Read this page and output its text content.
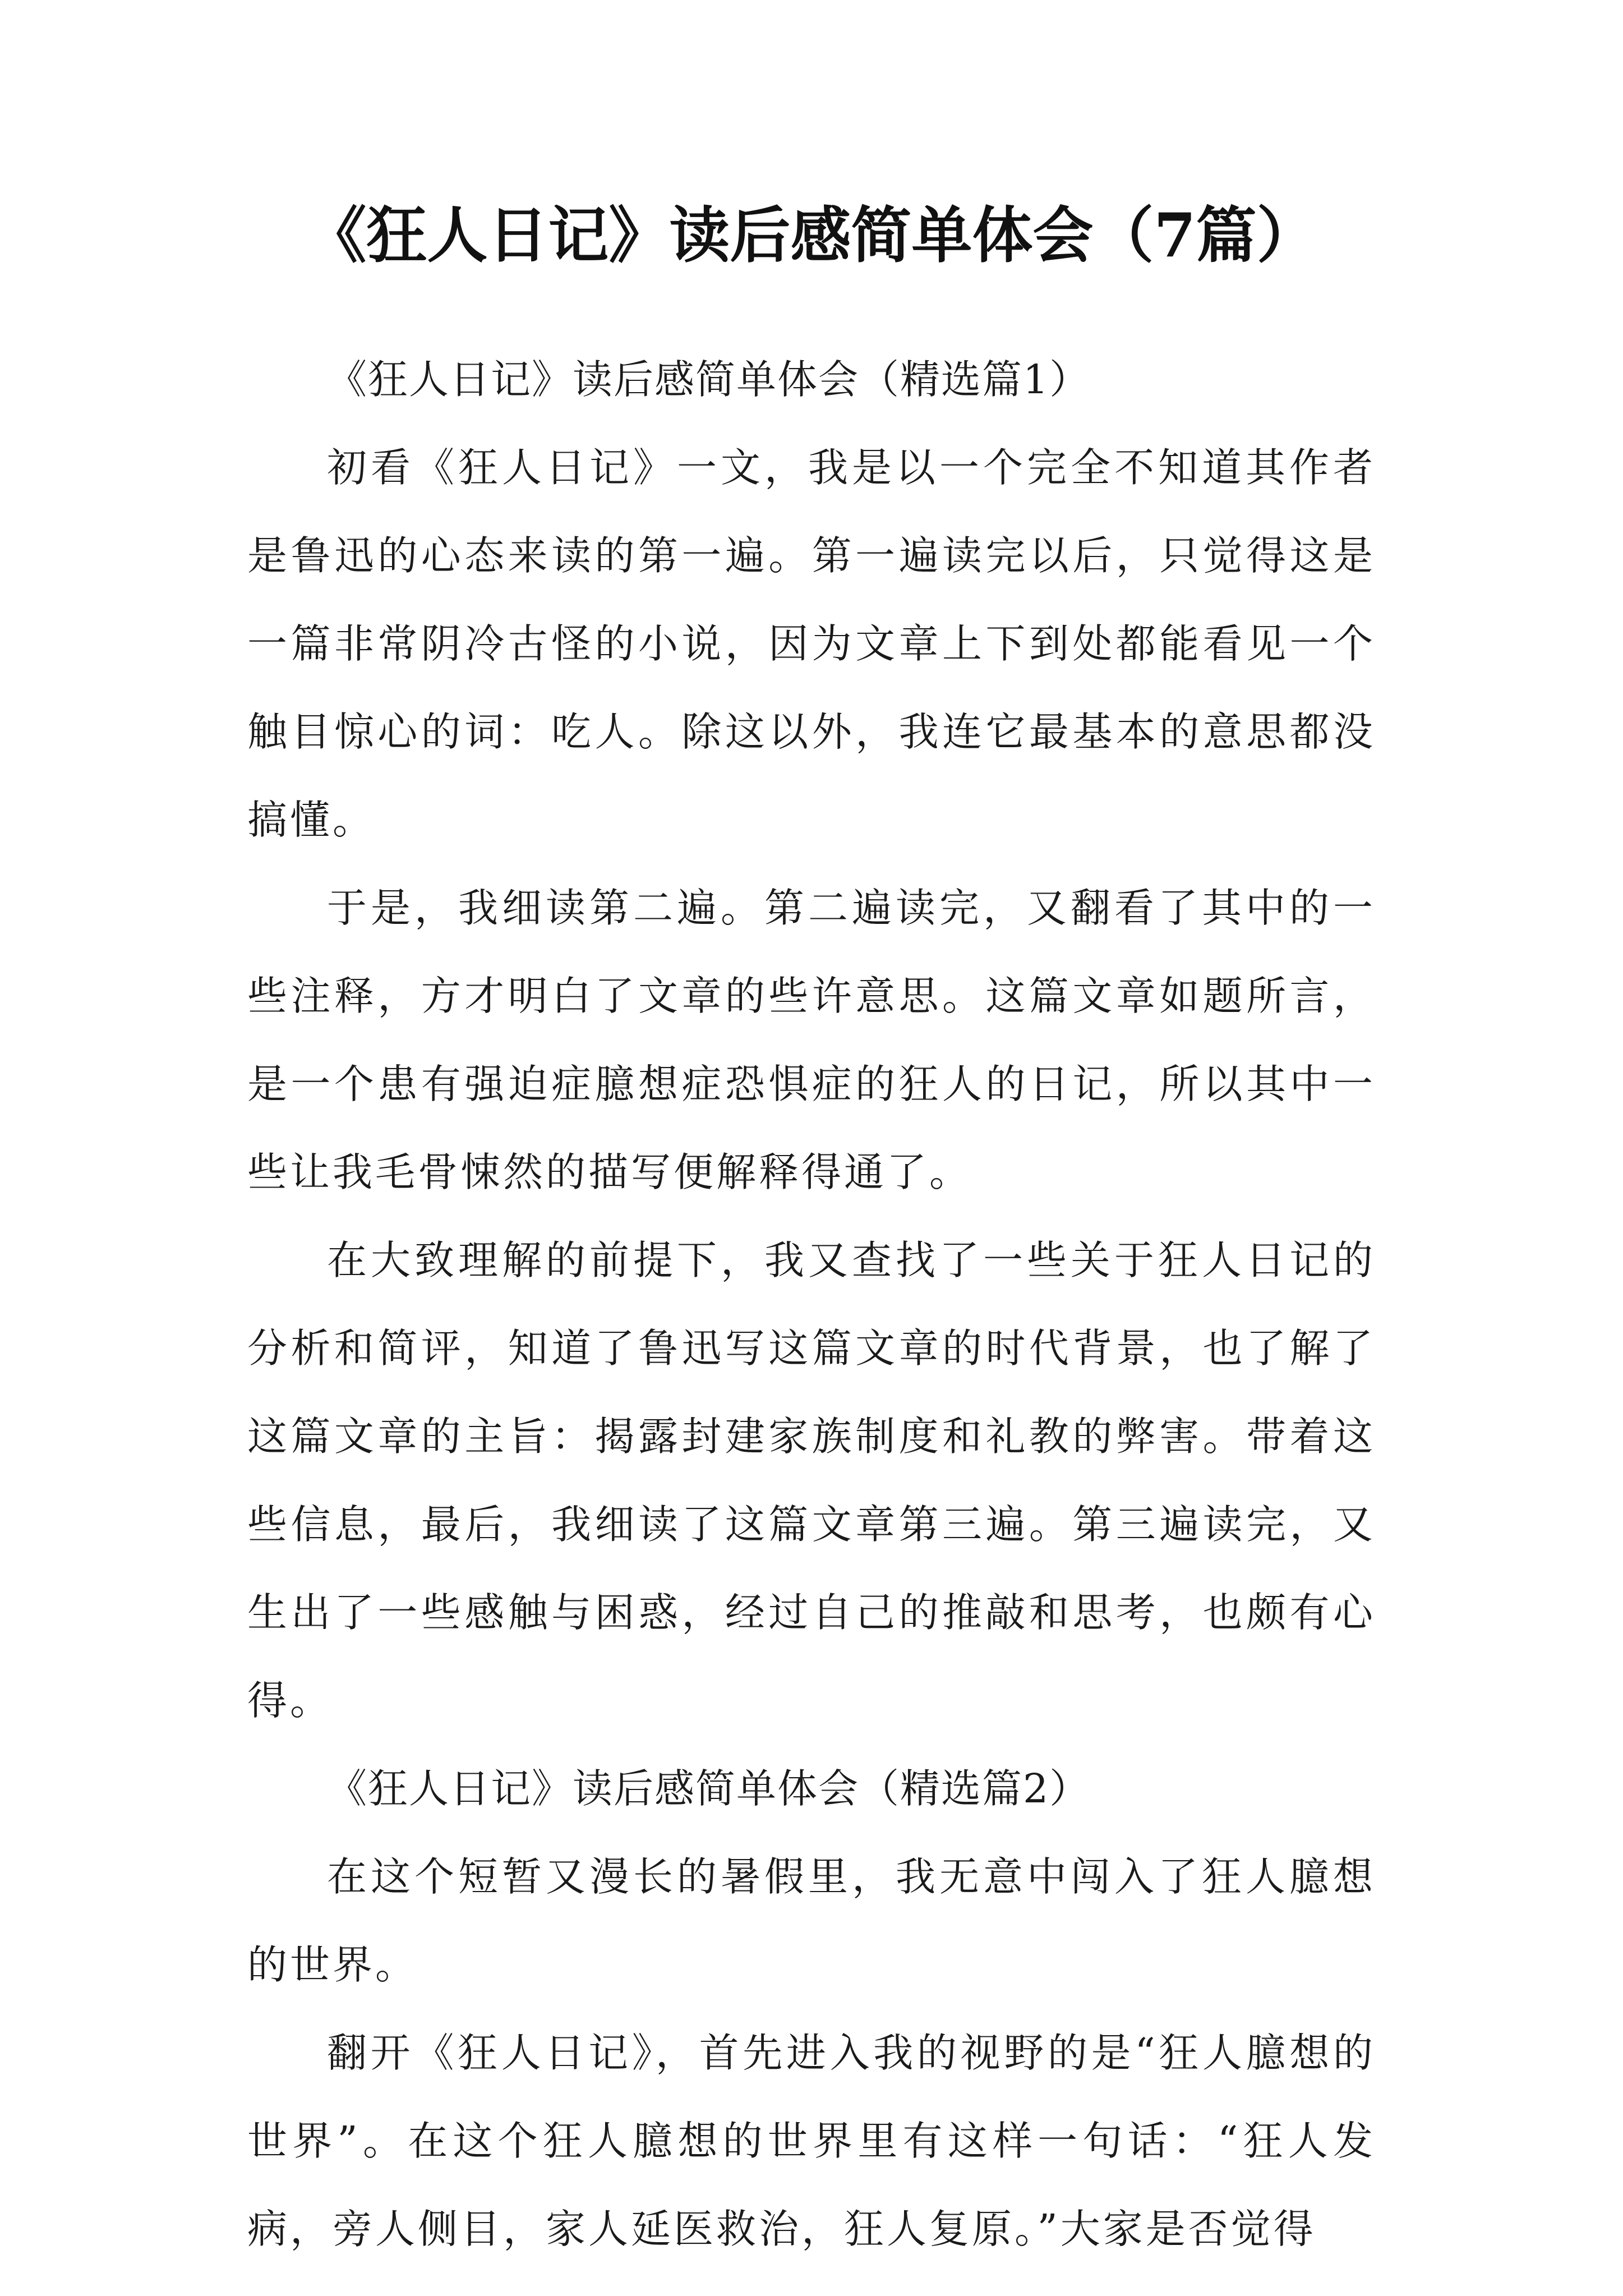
《狂人日记》读后感简单体会（7篇）

《狂人日记》读后感简单体会（精选篇1）

初看《狂人日记》一文，我是以一个完全不知道其作者是鲁迅的心态来读的第一遍。第一遍读完以后，只觉得这是一篇非常阴冷古怪的小说，因为文章上下到处都能看见一个触目惊心的词：吃人。除这以外，我连它最基本的意思都没搞懂。

于是，我细读第二遍。第二遍读完，又翻看了其中的一些注释，方才明白了文章的些许意思。这篇文章如题所言，是一个患有强迫症臆想症恐惧症的狂人的日记，所以其中一些让我毛骨悚然的描写便解释得通了。

在大致理解的前提下，我又查找了一些关于狂人日记的分析和简评，知道了鲁迅写这篇文章的时代背景，也了解了这篇文章的主旨：揭露封建家族制度和礼教的弊害。带着这些信息，最后，我细读了这篇文章第三遍。第三遍读完，又生出了一些感触与困惑，经过自己的推敲和思考，也颇有心得。

《狂人日记》读后感简单体会（精选篇2）

在这个短暂又漫长的暑假里，我无意中闯入了狂人臆想的世界。

翻开《狂人日记》，首先进入我的视野的是“狂人臆想的世界”。在这个狂人臆想的世界里有这样一句话：“狂人发病，旁人侧目，家人延医救治，狂人复原。”大家是否觉得
